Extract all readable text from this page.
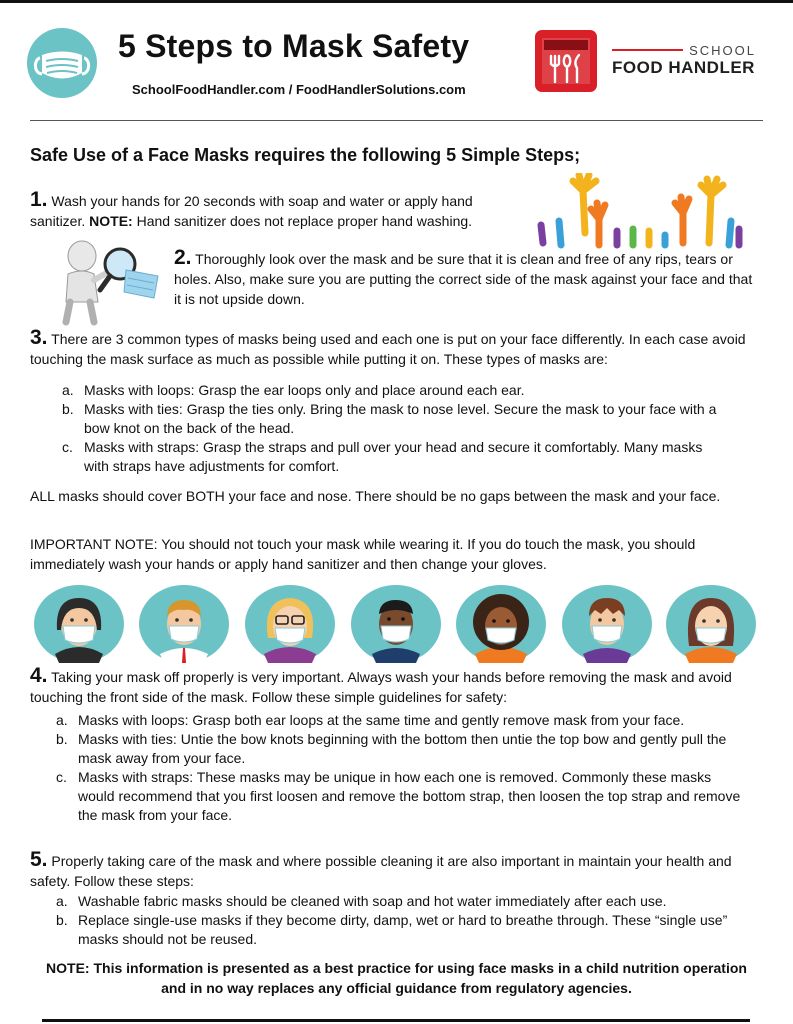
5 Steps to Mask Safety
SchoolFoodHandler.com / FoodHandlerSolutions.com
SCHOOL
FOOD HANDLER
Safe Use of a Face Masks requires the following 5 Simple Steps;

1. Wash your hands for 20 seconds with soap and water or apply hand sanitizer. NOTE: Hand sanitizer does not replace proper hand washing.

2. Thoroughly look over the mask and be sure that it is clean and free of any rips, tears or holes. Also, make sure you are putting the correct side of the mask against your face and that it is not upside down.

3. There are 3 common types of masks being used and each one is put on your face differently. In each case avoid touching the mask surface as much as possible while putting it on. These types of masks are:

a. Masks with loops: Grasp the ear loops only and place around each ear.
b. Masks with ties: Grasp the ties only. Bring the mask to nose level. Secure the mask to your face with a bow knot on the back of the head.
c. Masks with straps: Grasp the straps and pull over your head and secure it comfortably. Many masks with straps have adjustments for comfort.

ALL masks should cover BOTH your face and nose. There should be no gaps between the mask and your face.

IMPORTANT NOTE: You should not touch your mask while wearing it. If you do touch the mask, you should immediately wash your hands or apply hand sanitizer and then change your gloves.

4. Taking your mask off properly is very important. Always wash your hands before removing the mask and avoid touching the front side of the mask. Follow these simple guidelines for safety:

a. Masks with loops: Grasp both ear loops at the same time and gently remove mask from your face.
b. Masks with ties: Untie the bow knots beginning with the bottom then untie the top bow and gently pull the mask away from your face.
c. Masks with straps: These masks may be unique in how each one is removed. Commonly these masks would recommend that you first loosen and remove the bottom strap, then loosen the top strap and remove the mask from your face.

5. Properly taking care of the mask and where possible cleaning it are also important in maintain your health and safety. Follow these steps:

a. Washable fabric masks should be cleaned with soap and hot water immediately after each use.
b. Replace single-use masks if they become dirty, damp, wet or hard to breathe through. These “single use” masks should not be reused.
NOTE: This information is presented as a best practice for using face masks in a child nutrition operation and in no way replaces any official guidance from regulatory agencies.
